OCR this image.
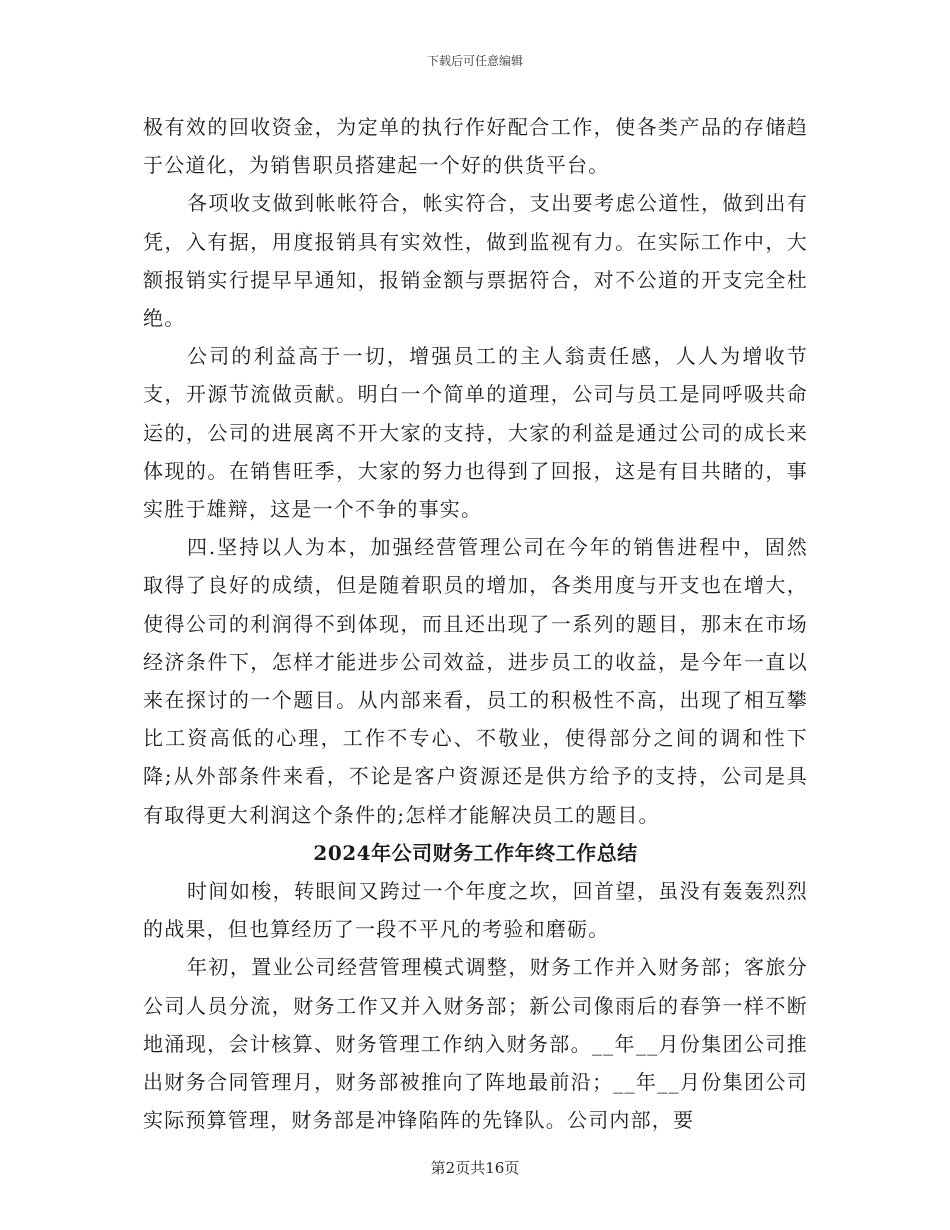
下载后可任意编辑

极有效的回收资金，为定单的执行作好配合工作，使各类产品的存储趋于公道化，为销售职员搭建起一个好的供货平台。

各项收支做到帐帐符合，帐实符合，支出要考虑公道性，做到出有凭，入有据，用度报销具有实效性，做到监视有力。在实际工作中，大额报销实行提早早通知，报销金额与票据符合，对不公道的开支完全杜绝。

公司的利益高于一切，增强员工的主人翁责任感，人人为增收节支，开源节流做贡献。明白一个简单的道理，公司与员工是同呼吸共命运的，公司的进展离不开大家的支持，大家的利益是通过公司的成长来体现的。在销售旺季，大家的努力也得到了回报，这是有目共睹的，事实胜于雄辩，这是一个不争的事实。

四.坚持以人为本，加强经营管理公司在今年的销售进程中，固然取得了良好的成绩，但是随着职员的增加，各类用度与开支也在增大，使得公司的利润得不到体现，而且还出现了一系列的题目，那末在市场经济条件下，怎样才能进步公司效益，进步员工的收益，是今年一直以来在探讨的一个题目。从内部来看，员工的积极性不高，出现了相互攀比工资高低的心理，工作不专心、不敬业，使得部分之间的调和性下降;从外部条件来看，不论是客户资源还是供方给予的支持，公司是具有取得更大利润这个条件的;怎样才能解决员工的题目。

2024年公司财务工作年终工作总结

时间如梭，转眼间又跨过一个年度之坎，回首望，虽没有轰轰烈烈的战果，但也算经历了一段不平凡的考验和磨砺。

年初，置业公司经营管理模式调整，财务工作并入财务部；客旅分公司人员分流，财务工作又并入财务部；新公司像雨后的春笋一样不断地涌现，会计核算、财务管理工作纳入财务部。__年__月份集团公司推出财务合同管理月，财务部被推向了阵地最前沿；__年__月份集团公司实际预算管理，财务部是冲锋陷阵的先锋队。公司内部，要

第2页共16页
